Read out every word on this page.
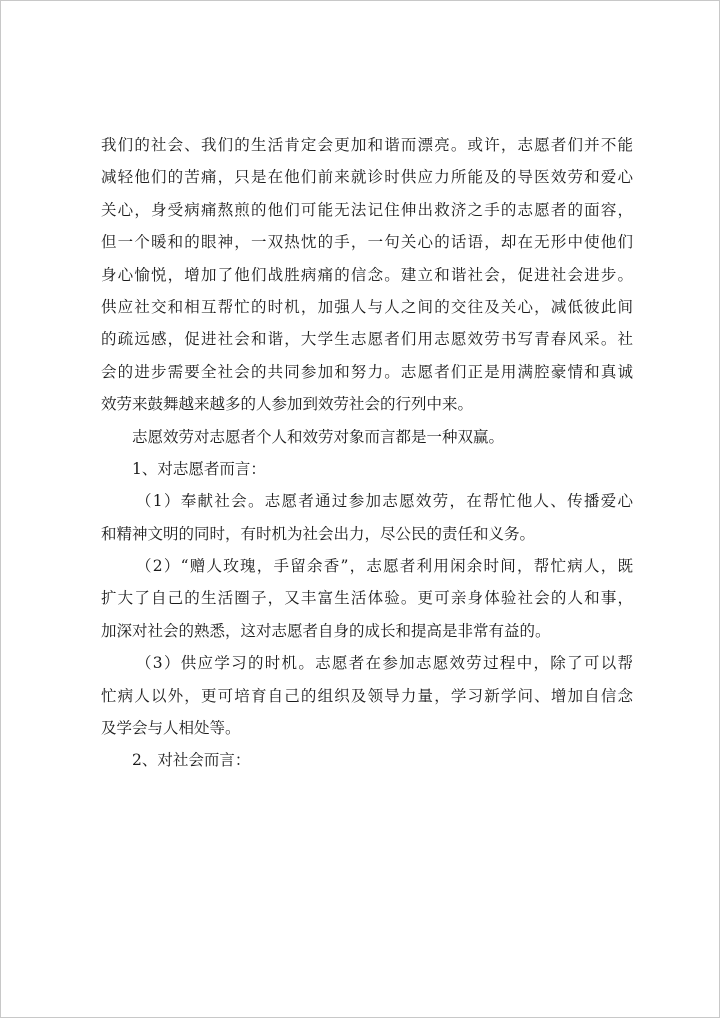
我们的社会、我们的生活肯定会更加和谐而漂亮。或许，志愿者们并不能
减轻他们的苦痛，只是在他们前来就诊时供应力所能及的导医效劳和爱心
关心，身受病痛熬煎的他们可能无法记住伸出救济之手的志愿者的面容，
但一个暖和的眼神，一双热忱的手，一句关心的话语，却在无形中使他们
身心愉悦，增加了他们战胜病痛的信念。建立和谐社会，促进社会进步。
供应社交和相互帮忙的时机，加强人与人之间的交往及关心，减低彼此间
的疏远感，促进社会和谐，大学生志愿者们用志愿效劳书写青春风采。社
会的进步需要全社会的共同参加和努力。志愿者们正是用满腔豪情和真诚
效劳来鼓舞越来越多的人参加到效劳社会的行列中来。
志愿效劳对志愿者个人和效劳对象而言都是一种双赢。
1、对志愿者而言：
（1）奉献社会。志愿者通过参加志愿效劳，在帮忙他人、传播爱心
和精神文明的同时，有时机为社会出力，尽公民的责任和义务。
（2）“赠人玫瑰，手留余香”，志愿者利用闲余时间，帮忙病人，既
扩大了自己的生活圈子，又丰富生活体验。更可亲身体验社会的人和事，
加深对社会的熟悉，这对志愿者自身的成长和提高是非常有益的。
（3）供应学习的时机。志愿者在参加志愿效劳过程中，除了可以帮
忙病人以外，更可培育自己的组织及领导力量，学习新学问、增加自信念
及学会与人相处等。
2、对社会而言：
